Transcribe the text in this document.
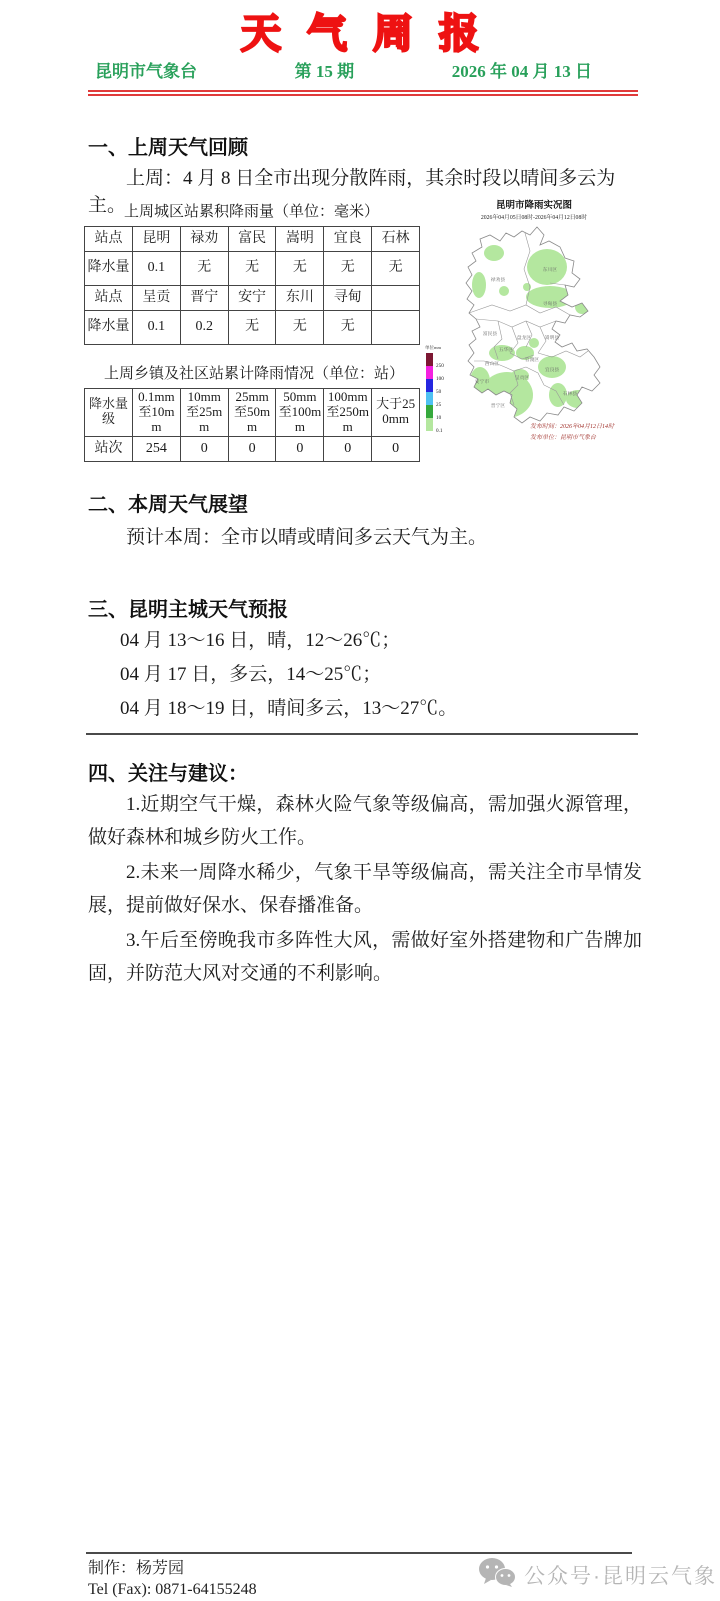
天气周报
昆明市气象台	第 15 期	2026 年 04 月 13 日
一、上周天气回顾
上周：4 月 8 日全市出现分散阵雨，其余时段以晴间多云为主。
上周城区站累积降雨量（单位：毫米）
站点	昆明	禄劝	富民	嵩明	宜良	石林
降水量	0.1	无	无	无	无	无
站点	呈贡	晋宁	安宁	东川	寻甸	
降水量	0.1	0.2	无	无	无	
上周乡镇及社区站累计降雨情况（单位：站）
降水量级	0.1mm至10mm	10mm至25mm	25mm至50mm	50mm至100mm	100mm至250mm	大于250mm
站次	254	0	0	0	0	0
昆明市降雨实况图
2026年04月05日08时-2026年04月12日08时
东川区
禄劝县
寻甸县
富民县
盘龙区	嵩明县
五华区
西山区
官渡区
宜良县
安宁市
呈贡区
石林县
晋宁区
单位mm
250
100
50
25
10
0.1
发布时间：2026年04月12日14时
发布单位：昆明市气象台
二、本周天气展望
预计本周：全市以晴或晴间多云天气为主。
三、昆明主城天气预报
04 月 13～16 日，晴，12～26℃；
04 月 17 日，多云，14～25℃；
04 月 18～19 日，晴间多云，13～27℃。
四、关注与建议：

1.近期空气干燥，森林火险气象等级偏高，需加强火源管理，做好森林和城乡防火工作。

2.未来一周降水稀少，气象干旱等级偏高，需关注全市旱情发展，提前做好保水、保春播准备。

3.午后至傍晚我市多阵性大风，需做好室外搭建物和广告牌加固，并防范大风对交通的不利影响。

制作：杨芳园
Tel (Fax): 0871-64155248
公众号·昆明云气象
